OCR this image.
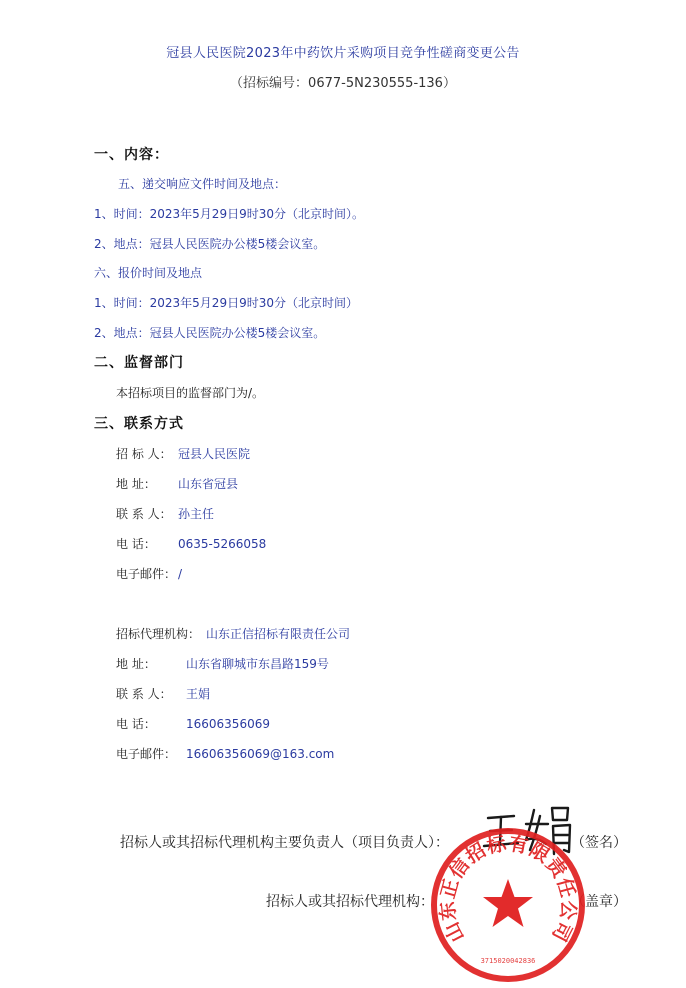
冠县人民医院2023年中药饮片采购项目竞争性磋商变更公告
（招标编号：0677-5N230555-136）
一、内容：
五、递交响应文件时间及地点：
1、时间：2023年5月29日9时30分（北京时间）。
2、地点：冠县人民医院办公楼5楼会议室。
六、报价时间及地点
1、时间：2023年5月29日9时30分（北京时间）
2、地点：冠县人民医院办公楼5楼会议室。
二、监督部门
本招标项目的监督部门为/。
三、联系方式
招 标 人： 冠县人民医院
地 址： 山东省冠县
联 系 人： 孙主任
电 话： 0635-5266058
电子邮件： /
招标代理机构： 山东正信招标有限责任公司
地 址：	山东省聊城市东昌路159号
联 系 人： 王娟
电 话：	16606356069
电子邮件： 16606356069@163.com
招标人或其招标代理机构主要负责人（项目负责人）：	（签名）
招标人或其招标代理机构：	（盖章）
山东正信招标有限责任公司
3715020042836
